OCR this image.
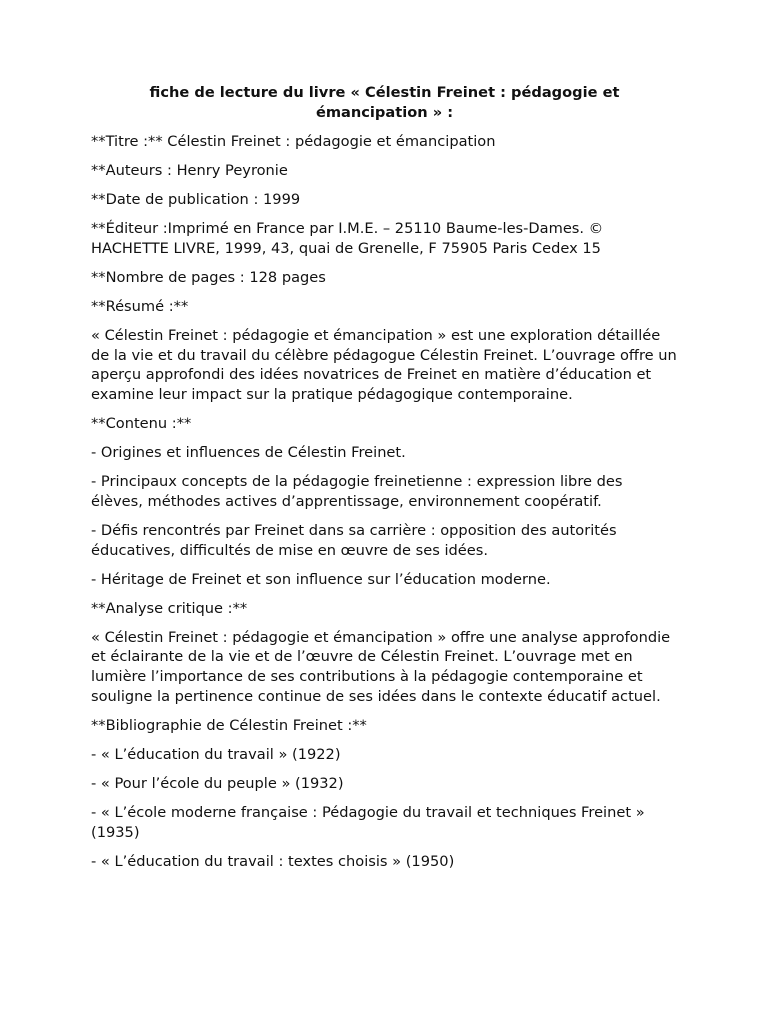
fiche de lecture du livre « Célestin Freinet : pédagogie et émancipation » :
**Titre :** Célestin Freinet : pédagogie et émancipation
**Auteurs : Henry Peyronie
**Date de publication : 1999
**Éditeur :Imprimé en France par I.M.E. – 25110 Baume-les-Dames. © HACHETTE LIVRE, 1999, 43, quai de Grenelle, F 75905 Paris Cedex 15
**Nombre de pages : 128 pages
**Résumé :**
« Célestin Freinet : pédagogie et émancipation » est une exploration détaillée de la vie et du travail du célèbre pédagogue Célestin Freinet. L’ouvrage offre un aperçu approfondi des idées novatrices de Freinet en matière d’éducation et examine leur impact sur la pratique pédagogique contemporaine.
**Contenu :**
- Origines et influences de Célestin Freinet.
- Principaux concepts de la pédagogie freinetienne : expression libre des élèves, méthodes actives d’apprentissage, environnement coopératif.
- Défis rencontrés par Freinet dans sa carrière : opposition des autorités éducatives, difficultés de mise en œuvre de ses idées.
- Héritage de Freinet et son influence sur l’éducation moderne.
**Analyse critique :**
« Célestin Freinet : pédagogie et émancipation » offre une analyse approfondie et éclairante de la vie et de l’œuvre de Célestin Freinet. L’ouvrage met en lumière l’importance de ses contributions à la pédagogie contemporaine et souligne la pertinence continue de ses idées dans le contexte éducatif actuel.
**Bibliographie de Célestin Freinet :**
- « L’éducation du travail » (1922)
- « Pour l’école du peuple » (1932)
- « L’école moderne française : Pédagogie du travail et techniques Freinet » (1935)
- « L’éducation du travail : textes choisis » (1950)
